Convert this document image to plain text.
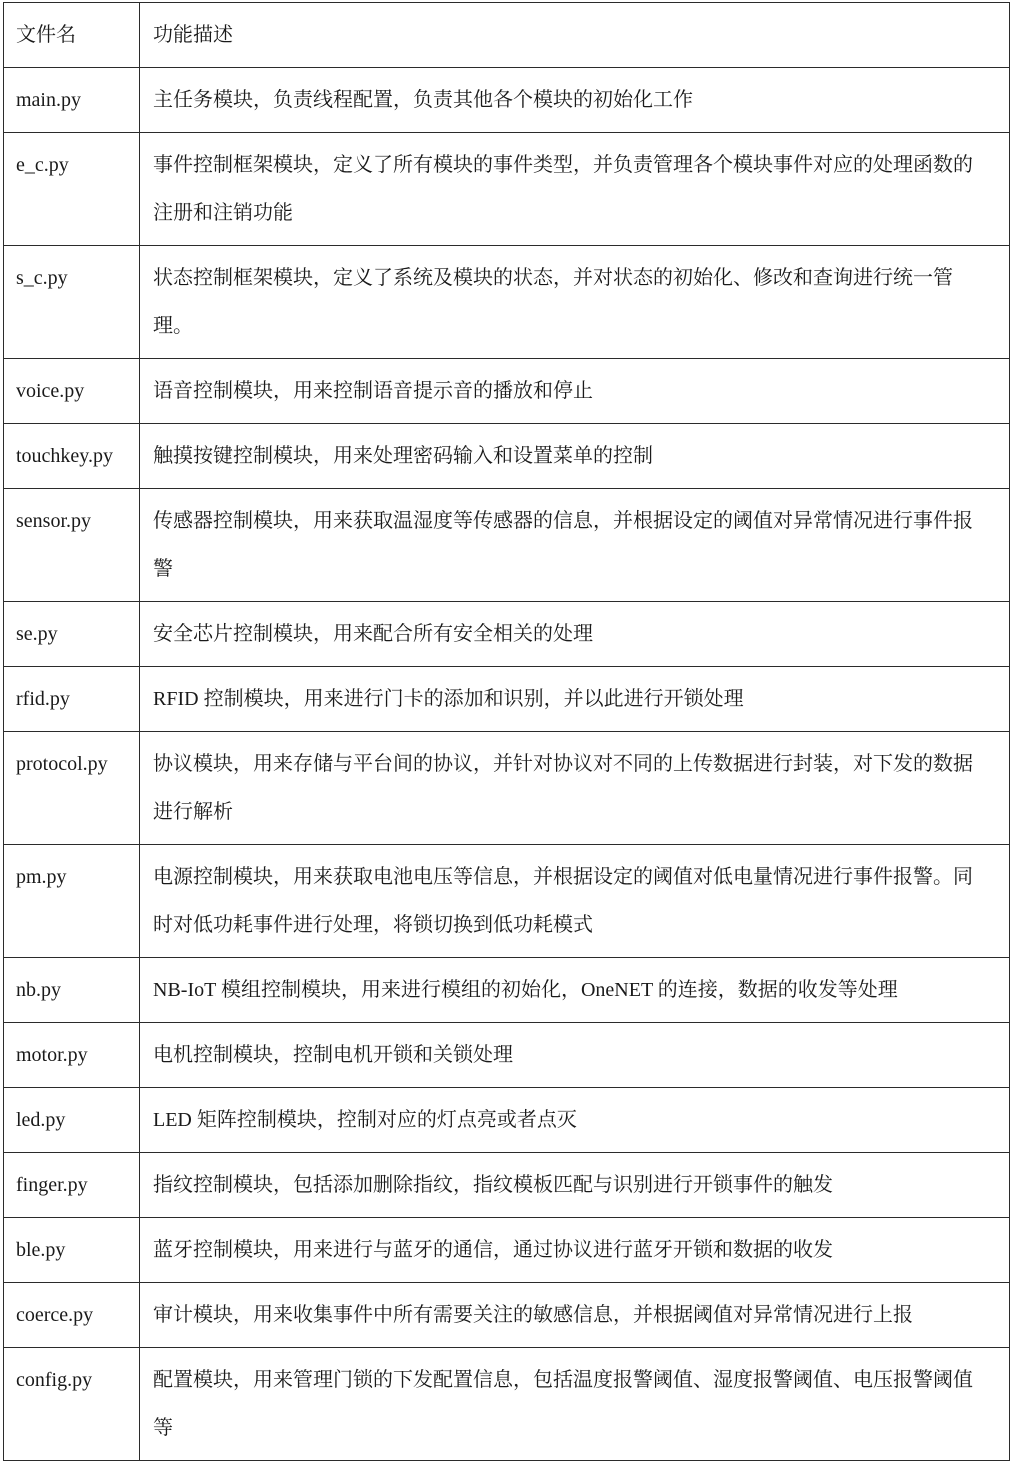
文件名	功能描述

main.py	主任务模块，负责线程配置，负责其他各个模块的初始化工作

e_c.py	事件控制框架模块，定义了所有模块的事件类型，并负责管理各个模块事件对应的处理函数的注册和注销功能

s_c.py	状态控制框架模块，定义了系统及模块的状态，并对状态的初始化、修改和查询进行统一管理。

voice.py	语音控制模块，用来控制语音提示音的播放和停止

touchkey.py	触摸按键控制模块，用来处理密码输入和设置菜单的控制

sensor.py	传感器控制模块，用来获取温湿度等传感器的信息，并根据设定的阈值对异常情况进行事件报警

se.py	安全芯片控制模块，用来配合所有安全相关的处理

rfid.py	RFID 控制模块，用来进行门卡的添加和识别，并以此进行开锁处理

protocol.py	协议模块，用来存储与平台间的协议，并针对协议对不同的上传数据进行封装，对下发的数据进行解析

pm.py	电源控制模块，用来获取电池电压等信息，并根据设定的阈值对低电量情况进行事件报警。同时对低功耗事件进行处理，将锁切换到低功耗模式

nb.py	NB-IoT 模组控制模块，用来进行模组的初始化，OneNET 的连接，数据的收发等处理

motor.py	电机控制模块，控制电机开锁和关锁处理

led.py	LED 矩阵控制模块，控制对应的灯点亮或者点灭

finger.py	指纹控制模块，包括添加删除指纹，指纹模板匹配与识别进行开锁事件的触发

ble.py	蓝牙控制模块，用来进行与蓝牙的通信，通过协议进行蓝牙开锁和数据的收发

coerce.py	审计模块，用来收集事件中所有需要关注的敏感信息，并根据阈值对异常情况进行上报

config.py	配置模块，用来管理门锁的下发配置信息，包括温度报警阈值、湿度报警阈值、电压报警阈值等
